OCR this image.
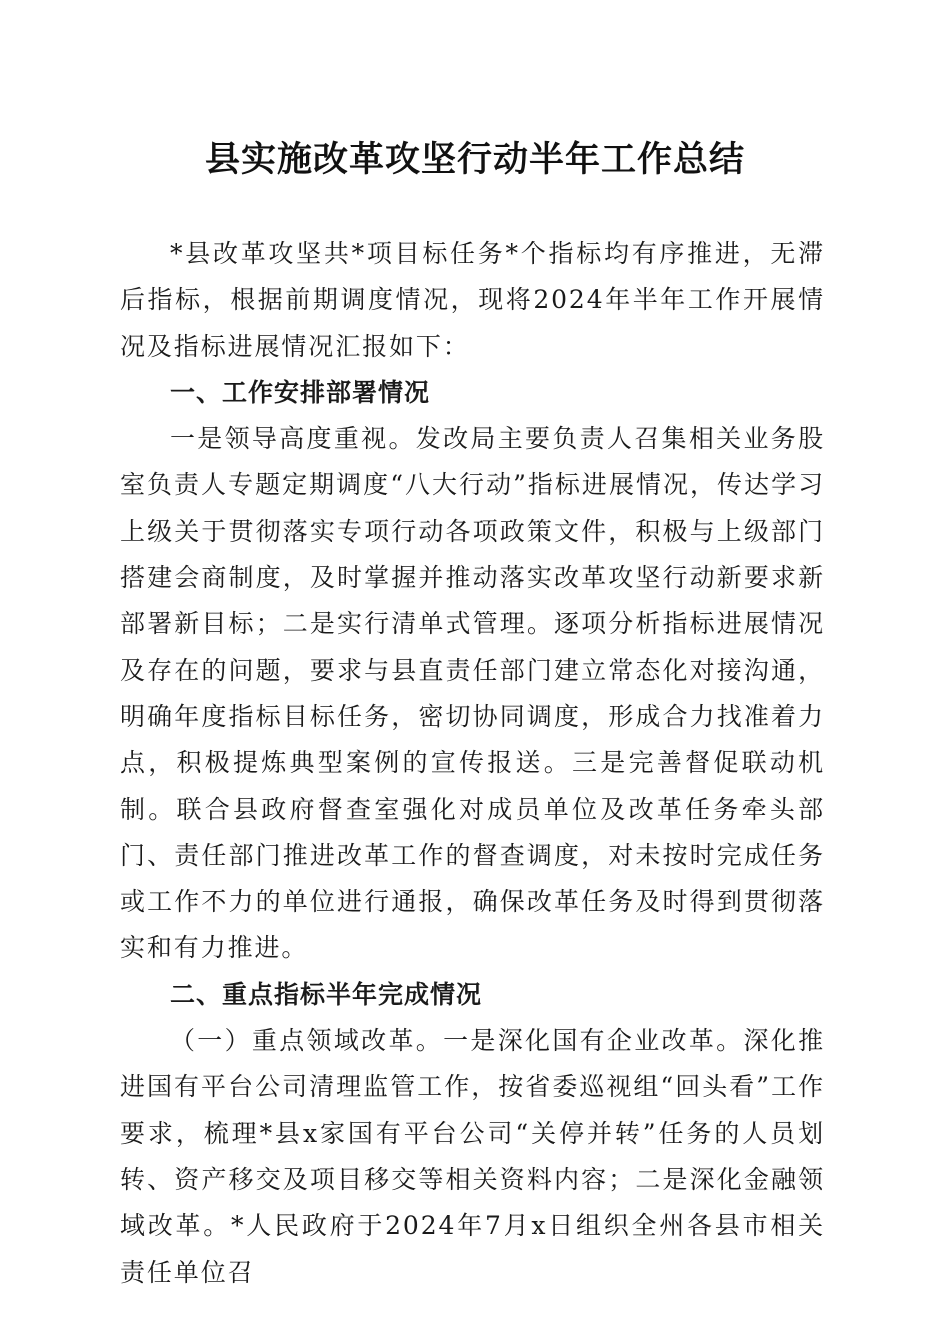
县实施改革攻坚行动半年工作总结

*县改革攻坚共*项目标任务*个指标均有序推进，无滞后指标，根据前期调度情况，现将2024年半年工作开展情况及指标进展情况汇报如下：

一、工作安排部署情况

一是领导高度重视。发改局主要负责人召集相关业务股室负责人专题定期调度“八大行动”指标进展情况，传达学习上级关于贯彻落实专项行动各项政策文件，积极与上级部门搭建会商制度，及时掌握并推动落实改革攻坚行动新要求新部署新目标；二是实行清单式管理。逐项分析指标进展情况及存在的问题，要求与县直责任部门建立常态化对接沟通，明确年度指标目标任务，密切协同调度，形成合力找准着力点，积极提炼典型案例的宣传报送。三是完善督促联动机制。联合县政府督查室强化对成员单位及改革任务牵头部门、责任部门推进改革工作的督查调度，对未按时完成任务或工作不力的单位进行通报，确保改革任务及时得到贯彻落实和有力推进。

二、重点指标半年完成情况

（一）重点领域改革。一是深化国有企业改革。深化推进国有平台公司清理监管工作，按省委巡视组“回头看”工作要求，梳理*县x家国有平台公司“关停并转”任务的人员划转、资产移交及项目移交等相关资料内容；二是深化金融领域改革。*人民政府于2024年7月x日组织全州各县市相关责任单位召
